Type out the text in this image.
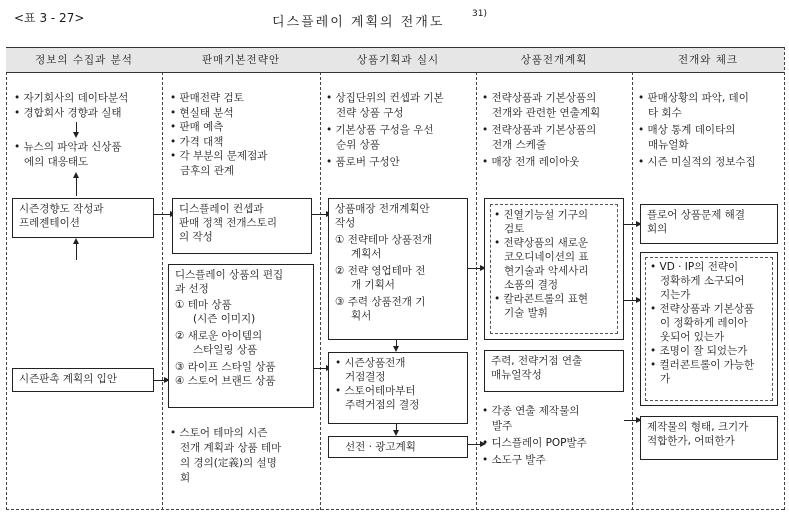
<표 3 - 27>	디스플레이 계획의 전개도
31)
정보의 수집과 분석	판매기본전략안	상품기획과 실시	상품전개계획	전개와 체크
• 자기회사의 데이타분석
• 경합회사 경향과 실태
• 뉴스의 파악과 신상품
에의 대응태도
시즌경향도 작성과
프레젠테이션
시즌판촉 계획의 입안
• 판매전략 검토
• 현실태 분석
• 판매 예측
• 가격 대책
• 각 부분의 문제점과
금후의 관계
디스플레이 컨셉과
판매 정책 전개스토리
의 작성
디스플레이 상품의 편집
과 선정
① 테마 상품
(시즌 이미지)
② 새로운 아이템의
스타일링 상품
③ 라이프 스타일 상품
④ 스토어 브랜드 상품
• 스토어 테마의 시즌
전개 계획과 상품 테마
의 경의(定義)의 설명
회
• 상집단위의 컨셉과 기본
전략 상품 구성
• 기본상품 구성을 우선
순위 상품
• 품로버 구성안
상품매장 전개계획안
작성
① 전략테마 상품전개
계획서
② 전략 영업테마 전
개 기획서
③ 주력 상품전개 기
획서
• 시즌상품전개
거점결정
• 스토어테마부터
주력거점의 결정
선전 · 광고계획
• 전략상품과 기본상품의
전개와 관련한 연출계획
• 전략상품과 기본상품의
전개 스케줄
• 매장 전개 레이아웃
• 진열기능설 기구의
검토
• 전략상품의 새로운
코오디네이션의 표
현기술과 악세사리
소품의 결정
• 칼라콘트롤의 표현
기술 발휘
주력, 전략거점 연출
매뉴얼작성
• 각종 연출 제작물의
발주
• 디스플레이 POP발주
• 소도구 발주
• 판매상황의 파악, 데이
타 회수
• 매상 통계 데이타의
매뉴얼화
• 시즌 미실적의 정보수집
플로어 상품문제 해결
회의
• VD · IP의 전략이
정확하게 소구되어
지는가
• 전략상품과 기본상품
이 정확하게 레이아
웃되어 있는가
• 조명이 잘 되었는가
• 컬러콘트롤이 가능한
가
제작물의 형태, 크기가
적합한가, 어떠한가
